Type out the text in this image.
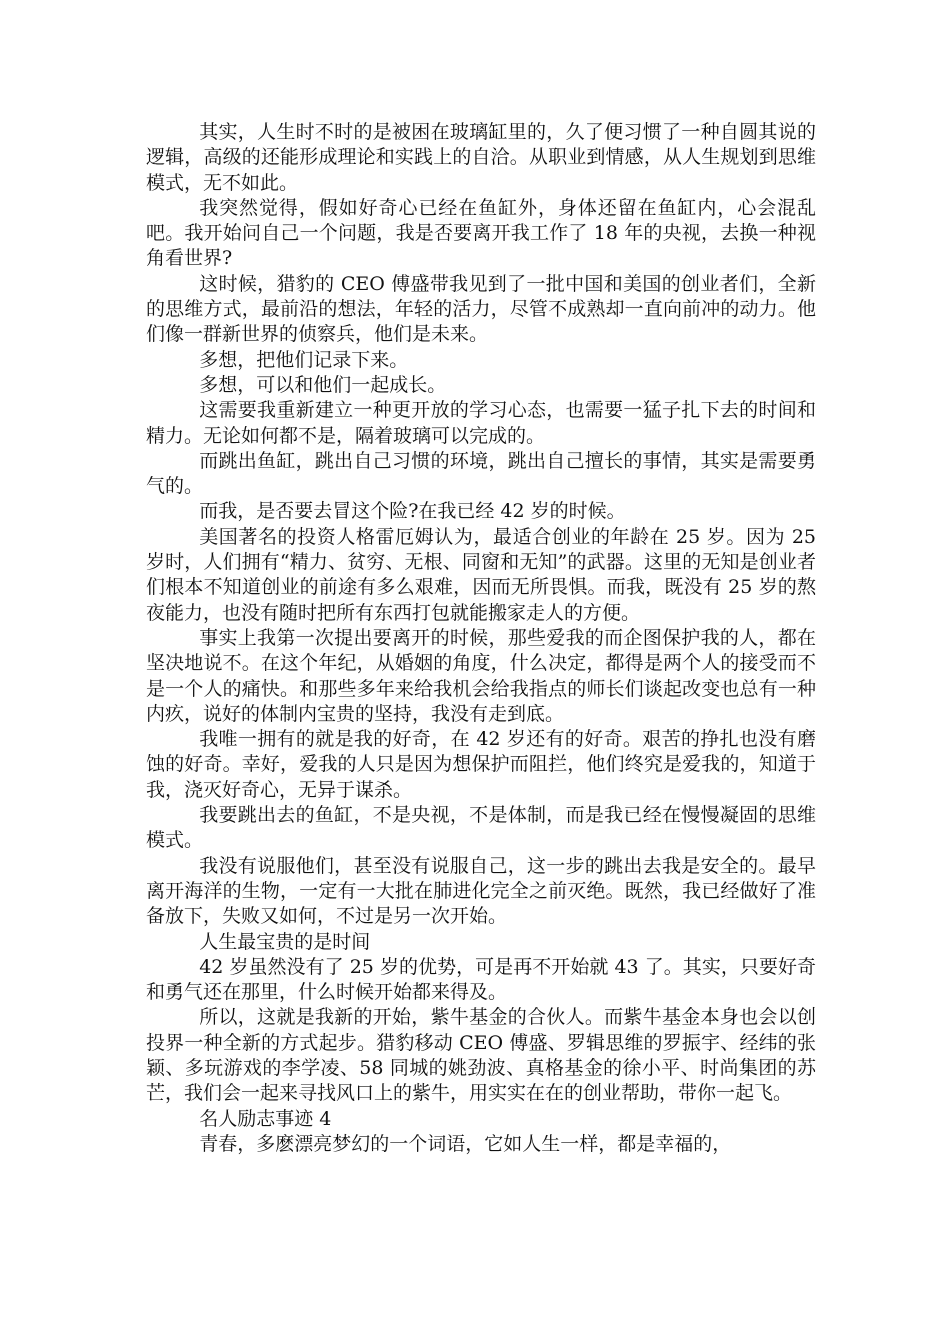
其实，人生时不时的是被困在玻璃缸里的，久了便习惯了一种自圆其说的逻辑，高级的还能形成理论和实践上的自洽。从职业到情感，从人生规划到思维模式，无不如此。

我突然觉得，假如好奇心已经在鱼缸外，身体还留在鱼缸内，心会混乱吧。我开始问自己一个问题，我是否要离开我工作了 18 年的央视，去换一种视角看世界?

这时候，猎豹的 CEO 傅盛带我见到了一批中国和美国的创业者们，全新的思维方式，最前沿的想法，年轻的活力，尽管不成熟却一直向前冲的动力。他们像一群新世界的侦察兵，他们是未来。

多想，把他们记录下来。

多想，可以和他们一起成长。

这需要我重新建立一种更开放的学习心态，也需要一猛子扎下去的时间和精力。无论如何都不是，隔着玻璃可以完成的。

而跳出鱼缸，跳出自己习惯的环境，跳出自己擅长的事情，其实是需要勇气的。

而我，是否要去冒这个险?在我已经 42 岁的时候。

美国著名的投资人格雷厄姆认为，最适合创业的年龄在 25 岁。因为 25 岁时，人们拥有“精力、贫穷、无根、同窗和无知”的武器。这里的无知是创业者们根本不知道创业的前途有多么艰难，因而无所畏惧。而我，既没有 25 岁的熬夜能力，也没有随时把所有东西打包就能搬家走人的方便。

事实上我第一次提出要离开的时候，那些爱我的而企图保护我的人，都在坚决地说不。在这个年纪，从婚姻的角度，什么决定，都得是两个人的接受而不是一个人的痛快。和那些多年来给我机会给我指点的师长们谈起改变也总有一种内疚，说好的体制内宝贵的坚持，我没有走到底。

我唯一拥有的就是我的好奇，在 42 岁还有的好奇。艰苦的挣扎也没有磨蚀的好奇。幸好，爱我的人只是因为想保护而阻拦，他们终究是爱我的，知道于我，浇灭好奇心，无异于谋杀。

我要跳出去的鱼缸，不是央视，不是体制，而是我已经在慢慢凝固的思维模式。

我没有说服他们，甚至没有说服自己，这一步的跳出去我是安全的。最早离开海洋的生物，一定有一大批在肺进化完全之前灭绝。既然，我已经做好了准备放下，失败又如何，不过是另一次开始。

人生最宝贵的是时间

42 岁虽然没有了 25 岁的优势，可是再不开始就 43 了。其实，只要好奇和勇气还在那里，什么时候开始都来得及。

所以，这就是我新的开始，紫牛基金的合伙人。而紫牛基金本身也会以创投界一种全新的方式起步。猎豹移动 CEO 傅盛、罗辑思维的罗振宇、经纬的张颖、多玩游戏的李学凌、58 同城的姚劲波、真格基金的徐小平、时尚集团的苏芒，我们会一起来寻找风口上的紫牛，用实实在在的创业帮助，带你一起飞。

名人励志事迹 4

青春，多麽漂亮梦幻的一个词语，它如人生一样，都是幸福的，
